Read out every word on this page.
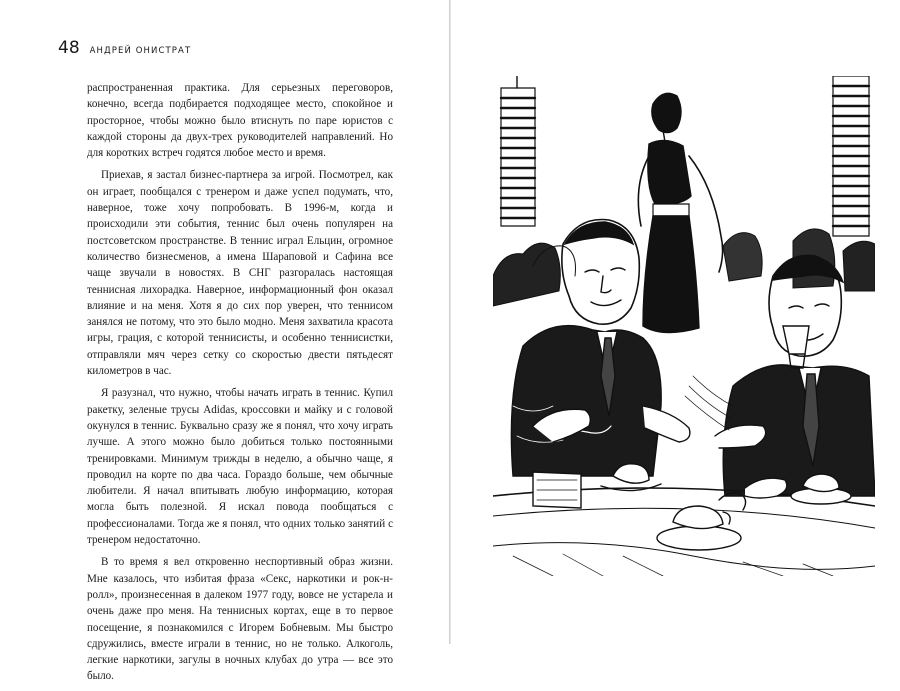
48 АНДРЕЙ ОНИСТРАТ

распространенная практика. Для серьезных переговоров, конечно, всегда подбирается подходящее место, спокойное и просторное, чтобы можно было втиснуть по паре юристов с каждой стороны да двух-трех руководителей направлений. Но для коротких встреч годятся любое место и время.

Приехав, я застал бизнес-партнера за игрой. Посмотрел, как он играет, пообщался с тренером и даже успел подумать, что, наверное, тоже хочу попробовать. В 1996-м, когда и происходили эти события, теннис был очень популярен на постсоветском пространстве. В теннис играл Ельцин, огромное количество бизнесменов, а имена Шараповой и Сафина все чаще звучали в новостях. В СНГ разгоралась настоящая теннисная лихорадка. Наверное, информационный фон оказал влияние и на меня. Хотя я до сих пор уверен, что теннисом занялся не потому, что это было модно. Меня захватила красота игры, грация, с которой теннисисты, и особенно теннисистки, отправляли мяч через сетку со скоростью двести пятьдесят километров в час.

Я разузнал, что нужно, чтобы начать играть в теннис. Купил ракетку, зеленые трусы Adidas, кроссовки и майку и с головой окунулся в теннис. Буквально сразу же я понял, что хочу играть лучше. А этого можно было добиться только постоянными тренировками. Минимум трижды в неделю, а обычно чаще, я проводил на корте по два часа. Гораздо больше, чем обычные любители. Я начал впитывать любую информацию, которая могла быть полезной. Я искал повода пообщаться с профессионалами. Тогда же я понял, что одних только занятий с тренером недостаточно.

В то время я вел откровенно неспортивный образ жизни. Мне казалось, что избитая фраза «Секс, наркотики и рок-н-ролл», произнесенная в далеком 1977 году, вовсе не устарела и очень даже про меня. На теннисных кортах, еще в то первое посещение, я познакомился с Игорем Бобневым. Мы быстро сдружились, вместе играли в теннис, но не только. Алкоголь, легкие наркотики, загулы в ночных клубах до утра — все это было.
